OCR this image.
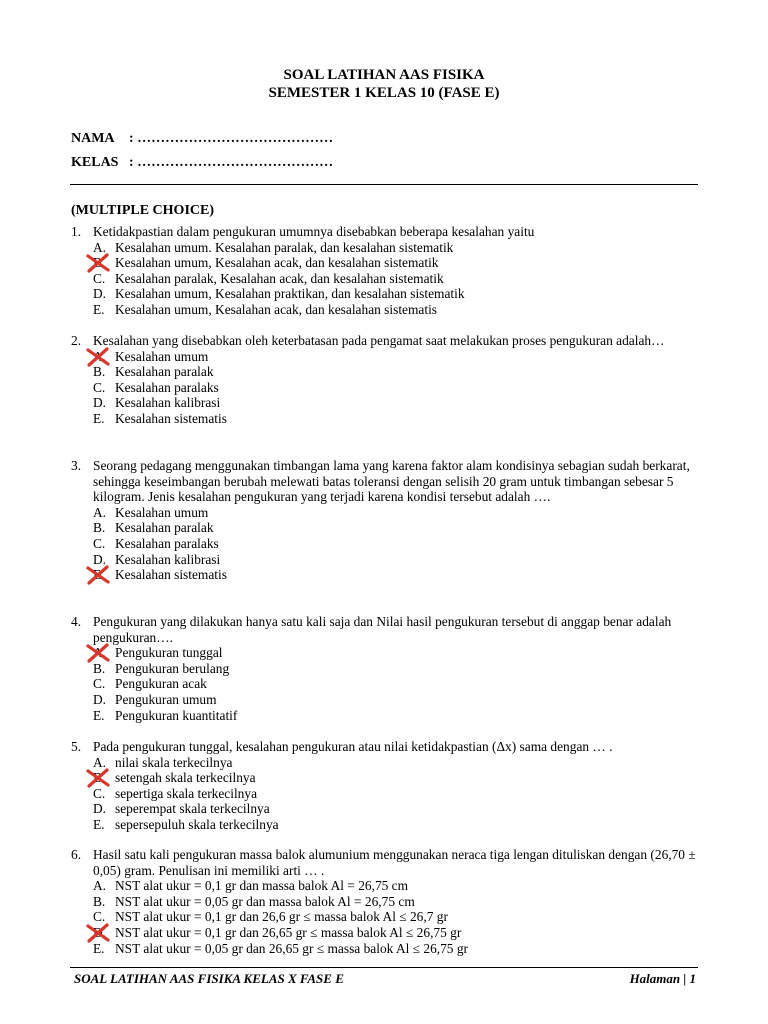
SOAL LATIHAN AAS FISIKA
SEMESTER 1 KELAS 10 (FASE E)
NAMA : ……………………………………
KELAS : ……………………………………
(MULTIPLE CHOICE)
1. Ketidakpastian dalam pengukuran umumnya disebabkan beberapa kesalahan yaitu
A. Kesalahan umum. Kesalahan paralak, dan kesalahan sistematik
B. Kesalahan umum, Kesalahan acak, dan kesalahan sistematik
C. Kesalahan paralak, Kesalahan acak, dan kesalahan sistematik
D. Kesalahan umum, Kesalahan praktikan, dan kesalahan sistematik
E. Kesalahan umum, Kesalahan acak, dan kesalahan sistematis
2. Kesalahan yang disebabkan oleh keterbatasan pada pengamat saat melakukan proses pengukuran adalah…
A. Kesalahan umum
B. Kesalahan paralak
C. Kesalahan paralaks
D. Kesalahan kalibrasi
E. Kesalahan sistematis
3. Seorang pedagang menggunakan timbangan lama yang karena faktor alam kondisinya sebagian sudah berkarat, sehingga keseimbangan berubah melewati batas toleransi dengan selisih 20 gram untuk timbangan sebesar 5 kilogram. Jenis kesalahan pengukuran yang terjadi karena kondisi tersebut adalah ….
A. Kesalahan umum
B. Kesalahan paralak
C. Kesalahan paralaks
D. Kesalahan kalibrasi
E. Kesalahan sistematis
4. Pengukuran yang dilakukan hanya satu kali saja dan Nilai hasil pengukuran tersebut di anggap benar adalah pengukuran….
A. Pengukuran tunggal
B. Pengukuran berulang
C. Pengukuran acak
D. Pengukuran umum
E. Pengukuran kuantitatif
5. Pada pengukuran tunggal, kesalahan pengukuran atau nilai ketidakpastian (Δx) sama dengan … .
A. nilai skala terkecilnya
B. setengah skala terkecilnya
C. sepertiga skala terkecilnya
D. seperempat skala terkecilnya
E. sepersepuluh skala terkecilnya
6. Hasil satu kali pengukuran massa balok alumunium menggunakan neraca tiga lengan dituliskan dengan (26,70 ± 0,05) gram. Penulisan ini memiliki arti … .
A. NST alat ukur = 0,1 gr dan massa balok Al = 26,75 cm
B. NST alat ukur = 0,05 gr dan massa balok Al = 26,75 cm
C. NST alat ukur = 0,1 gr dan 26,6 gr ≤ massa balok Al ≤ 26,7 gr
D. NST alat ukur = 0,1 gr dan 26,65 gr ≤ massa balok Al ≤ 26,75 gr
E. NST alat ukur = 0,05 gr dan 26,65 gr ≤ massa balok Al ≤ 26,75 gr
SOAL LATIHAN AAS FISIKA KELAS X FASE E	Halaman | 1
